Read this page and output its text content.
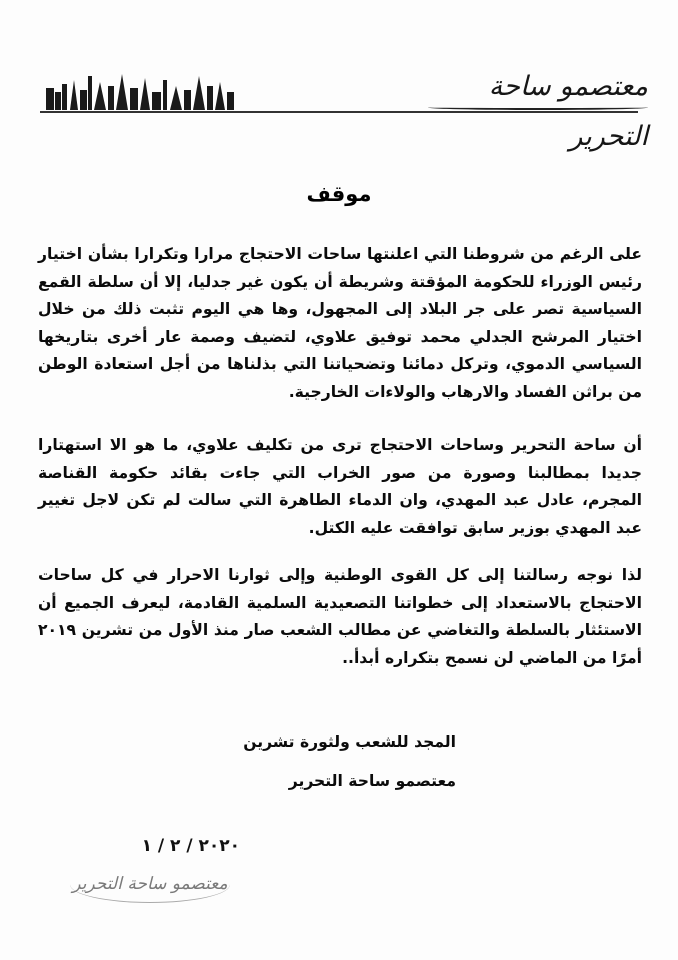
معتصمو ساحة التحرير
موقف
على الرغم من شروطنا التي اعلنتها ساحات الاحتجاج مرارا وتكرارا بشأن اختيار رئيس الوزراء للحكومة المؤقتة وشريطة أن يكون غير جدليا، إلا أن سلطة القمع السياسية تصر على جر البلاد إلى المجهول، وها هي اليوم تثبت ذلك من خلال اختيار المرشح الجدلي محمد توفيق علاوي، لتضيف وصمة عار أخرى بتاريخها السياسي الدموي، وتركل دمائنا وتضحياتنا التي بذلناها من أجل استعادة الوطن من براثن الفساد والارهاب والولاءات الخارجية.
أن ساحة التحرير وساحات الاحتجاج ترى من تكليف علاوي، ما هو الا استهتارا جديدا بمطالبنا وصورة من صور الخراب التي جاءت بقائد حكومة القناصة المجرم، عادل عبد المهدي، وان الدماء الطاهرة التي سالت لم تكن لاجل تغيير عبد المهدي بوزير سابق توافقت عليه الكتل.
لذا نوجه رسالتنا إلى كل القوى الوطنية وإلى ثوارنا الاحرار في كل ساحات الاحتجاج بالاستعداد إلى خطواتنا التصعيدية السلمية القادمة، ليعرف الجميع أن الاستئثار بالسلطة والتغاضي عن مطالب الشعب صار منذ الأول من تشرين ٢٠١٩ أمرًا من الماضي لن نسمح بتكراره أبدأ..
المجد للشعب ولثورة تشرين
معتصمو ساحة التحرير
٢٠٢٠ / ٢ / ١
معتصمو ساحة التحرير
